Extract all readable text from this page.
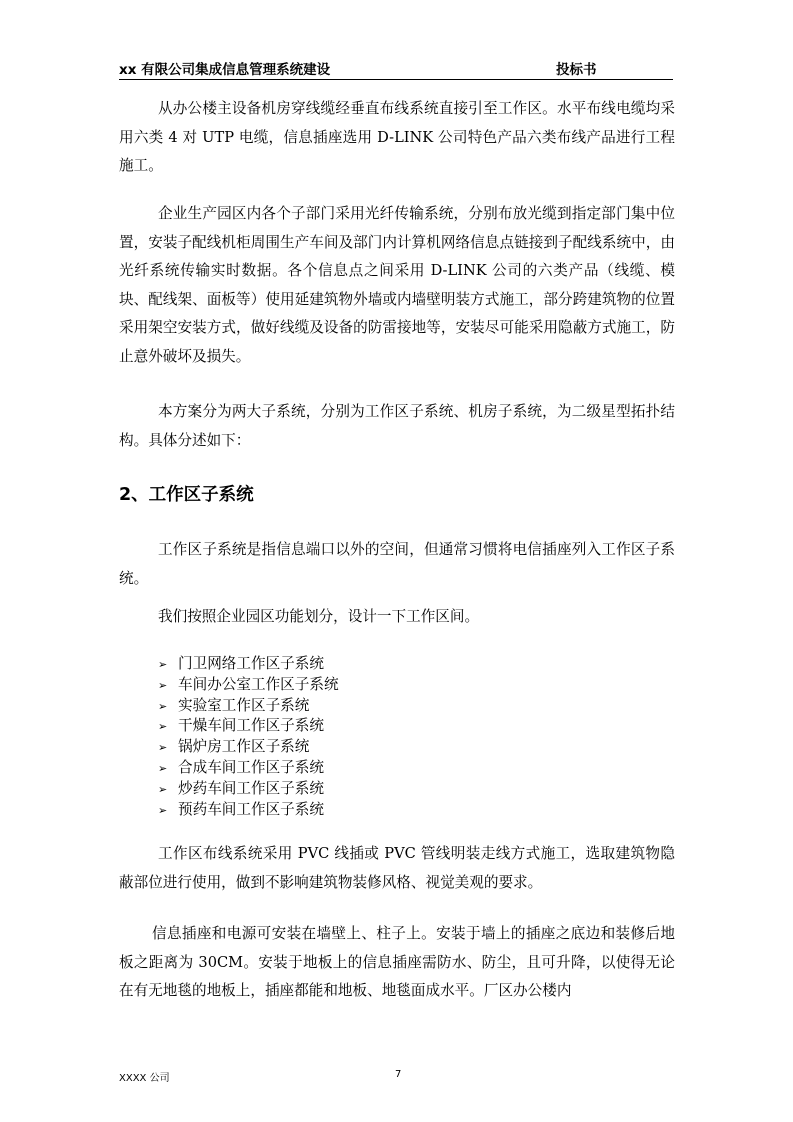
xx 有限公司集成信息管理系统建设	投标书

从办公楼主设备机房穿线缆经垂直布线系统直接引至工作区。水平布线电缆均采用六类 4 对 UTP 电缆，信息插座选用 D-LINK 公司特色产品六类布线产品进行工程施工。

企业生产园区内各个子部门采用光纤传输系统，分别布放光缆到指定部门集中位置，安装子配线机柜周围生产车间及部门内计算机网络信息点链接到子配线系统中，由光纤系统传输实时数据。各个信息点之间采用 D-LINK 公司的六类产品（线缆、模块、配线架、面板等）使用延建筑物外墙或内墙壁明装方式施工，部分跨建筑物的位置采用架空安装方式，做好线缆及设备的防雷接地等，安装尽可能采用隐蔽方式施工，防止意外破坏及损失。

本方案分为两大子系统，分别为工作区子系统、机房子系统，为二级星型拓扑结构。具体分述如下：

2、工作区子系统

工作区子系统是指信息端口以外的空间，但通常习惯将电信插座列入工作区子系统。

我们按照企业园区功能划分，设计一下工作区间。

➢ 门卫网络工作区子系统
➢ 车间办公室工作区子系统
➢ 实验室工作区子系统
➢ 干燥车间工作区子系统
➢ 锅炉房工作区子系统
➢ 合成车间工作区子系统
➢ 炒药车间工作区子系统
➢ 预药车间工作区子系统

工作区布线系统采用 PVC 线插或 PVC 管线明装走线方式施工，选取建筑物隐蔽部位进行使用，做到不影响建筑物装修风格、视觉美观的要求。

信息插座和电源可安装在墙壁上、柱子上。安装于墙上的插座之底边和装修后地板之距离为 30CM。安装于地板上的信息插座需防水、防尘，且可升降，以使得无论在有无地毯的地板上，插座都能和地板、地毯面成水平。厂区办公楼内

XXXX 公司	7
